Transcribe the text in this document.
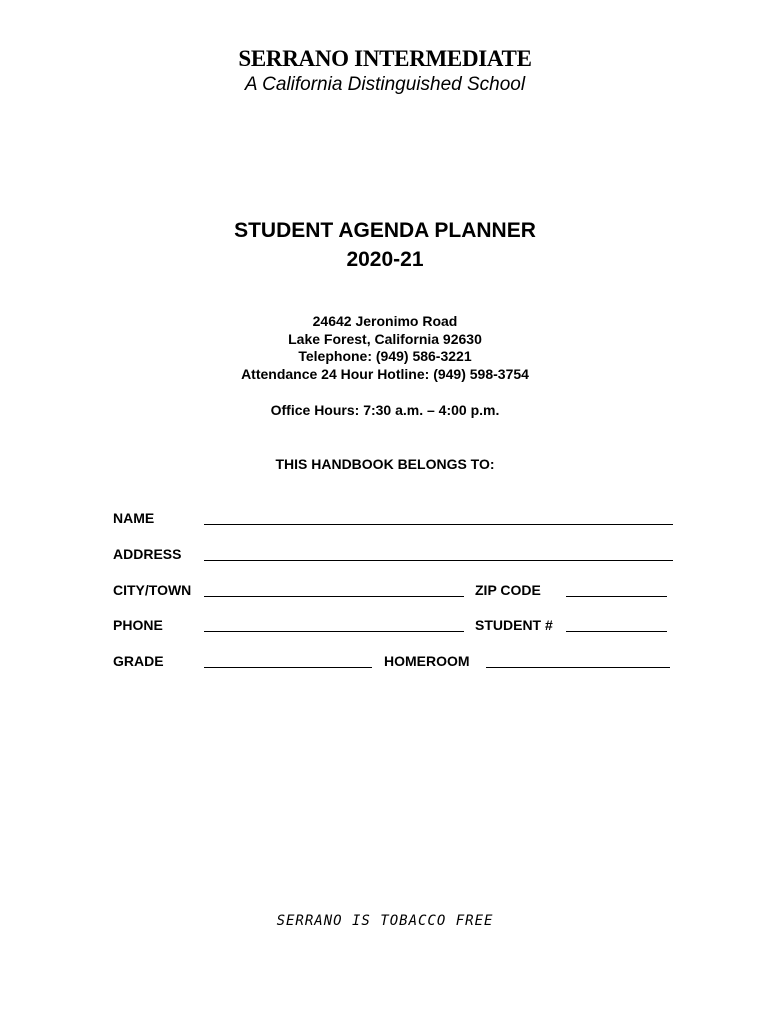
SERRANO INTERMEDIATE
A California Distinguished School
STUDENT AGENDA PLANNER
2020-21
24642 Jeronimo Road
Lake Forest, California 92630
Telephone: (949) 586-3221
Attendance 24 Hour Hotline: (949) 598-3754
Office Hours: 7:30 a.m. – 4:00 p.m.
THIS HANDBOOK BELONGS TO:
NAME
ADDRESS
CITY/TOWN	ZIP CODE
PHONE	STUDENT #
GRADE	HOMEROOM
SERRANO IS TOBACCO FREE
